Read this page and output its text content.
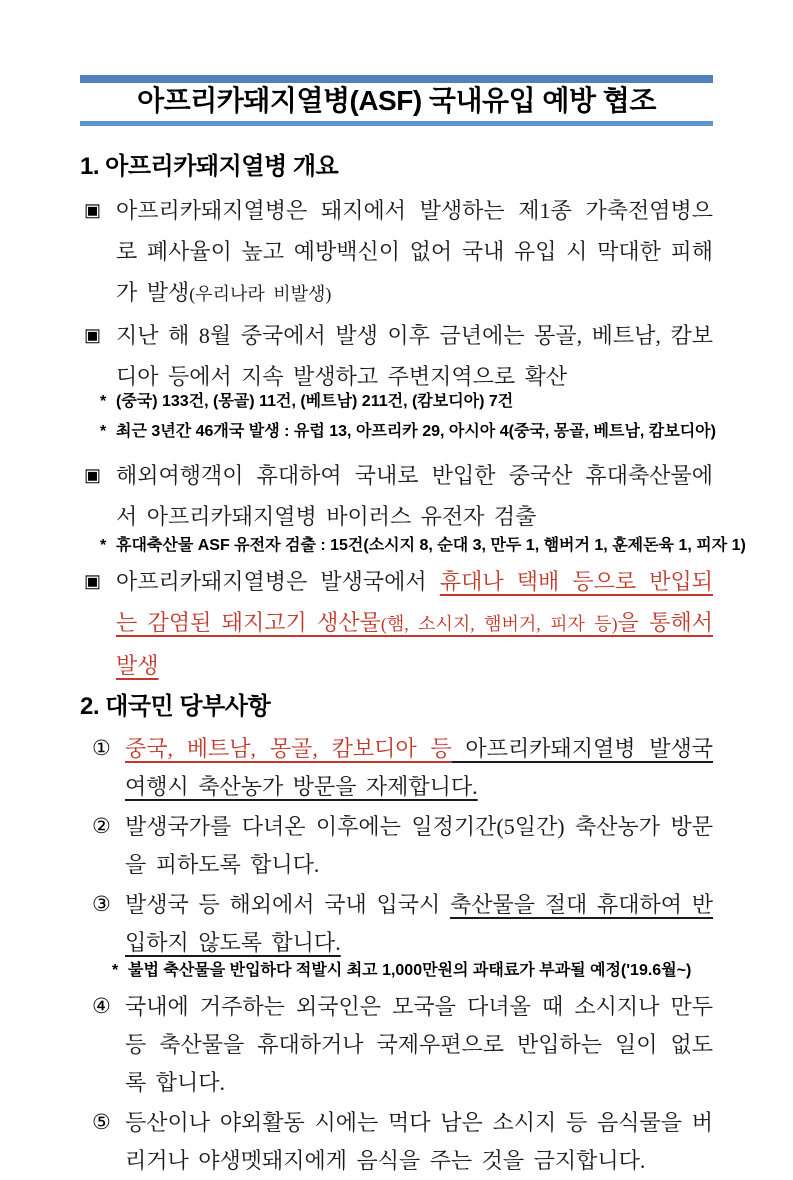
아프리카돼지열병(ASF) 국내유입 예방 협조
1. 아프리카돼지열병 개요
▣ 아프리카돼지열병은 돼지에서 발생하는 제1종 가축전염병으로 폐사율이 높고 예방백신이 없어 국내 유입 시 막대한 피해가 발생(우리나라 비발생)
▣ 지난 해 8월 중국에서 발생 이후 금년에는 몽골, 베트남, 캄보디아 등에서 지속 발생하고 주변지역으로 확산
* (중국) 133건, (몽골) 11건, (베트남) 211건, (캄보디아) 7건
* 최근 3년간 46개국 발생 : 유럽 13, 아프리카 29, 아시아 4(중국, 몽골, 베트남, 캄보디아)
▣ 해외여행객이 휴대하여 국내로 반입한 중국산 휴대축산물에서 아프리카돼지열병 바이러스 유전자 검출
* 휴대축산물 ASF 유전자 검출 : 15건(소시지 8, 순대 3, 만두 1, 햄버거 1, 훈제돈육 1, 피자 1)
▣ 아프리카돼지열병은 발생국에서 휴대나 택배 등으로 반입되는 감염된 돼지고기 생산물(햄, 소시지, 햄버거, 피자 등)을 통해서 발생
2. 대국민 당부사항
① 중국, 베트남, 몽골, 캄보디아 등 아프리카돼지열병 발생국 여행시 축산농가 방문을 자제합니다.
② 발생국가를 다녀온 이후에는 일정기간(5일간) 축산농가 방문을 피하도록 합니다.
③ 발생국 등 해외에서 국내 입국시 축산물을 절대 휴대하여 반입하지 않도록 합니다.
* 불법 축산물을 반입하다 적발시 최고 1,000만원의 과태료가 부과될 예정('19.6월~)
④ 국내에 거주하는 외국인은 모국을 다녀올 때 소시지나 만두 등 축산물을 휴대하거나 국제우편으로 반입하는 일이 없도록 합니다.
⑤ 등산이나 야외활동 시에는 먹다 남은 소시지 등 음식물을 버리거나 야생멧돼지에게 음식을 주는 것을 금지합니다.
